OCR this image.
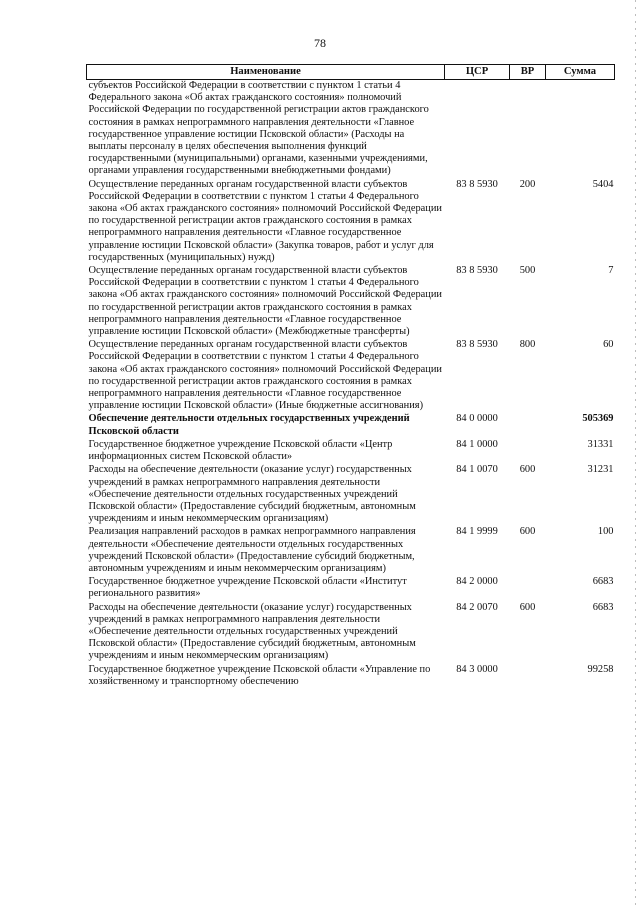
78
Наименование	ЦСР	ВР	Сумма
субъектов Российской Федерации в соответствии с пунктом 1 статьи 4 Федерального закона «Об актах гражданского состояния» полномочий Российской Федерации по государственной регистрации актов гражданского состояния в рамках непрограммного направления деятельности «Главное государственное управление юстиции Псковской области» (Расходы на выплаты персоналу в целях обеспечения выполнения функций государственными (муниципальными) органами, казенными учреждениями, органами управления государственными внебюджетными фондами)			
Осуществление переданных органам государственной власти субъектов Российской Федерации в соответствии с пунктом 1 статьи 4 Федерального закона «Об актах гражданского состояния» полномочий Российской Федерации по государственной регистрации актов гражданского состояния в рамках непрограммного направления деятельности «Главное государственное управление юстиции Псковской области» (Закупка товаров, работ и услуг для государственных (муниципальных) нужд)	83 8 5930	200	5404
Осуществление переданных органам государственной власти субъектов Российской Федерации в соответствии с пунктом 1 статьи 4 Федерального закона «Об актах гражданского состояния» полномочий Российской Федерации по государственной регистрации актов гражданского состояния в рамках непрограммного направления деятельности «Главное государственное управление юстиции Псковской области» (Межбюджетные трансферты)	83 8 5930	500	7
Осуществление переданных органам государственной власти субъектов Российской Федерации в соответствии с пунктом 1 статьи 4 Федерального закона «Об актах гражданского состояния» полномочий Российской Федерации по государственной регистрации актов гражданского состояния в рамках непрограммного направления деятельности «Главное государственное управление юстиции Псковской области» (Иные бюджетные ассигнования)	83 8 5930	800	60
Обеспечение деятельности отдельных государственных учреждений Псковской области	84 0 0000		505369
Государственное бюджетное учреждение Псковской области «Центр информационных систем Псковской области»	84 1 0000		31331
Расходы на обеспечение деятельности (оказание услуг) государственных учреждений в рамках непрограммного направления деятельности «Обеспечение деятельности отдельных государственных учреждений Псковской области» (Предоставление субсидий бюджетным, автономным учреждениям и иным некоммерческим организациям)	84 1 0070	600	31231
Реализация направлений расходов в рамках непрограммного направления деятельности «Обеспечение деятельности отдельных государственных учреждений Псковской области» (Предоставление субсидий бюджетным, автономным учреждениям и иным некоммерческим организациям)	84 1 9999	600	100
Государственное бюджетное учреждение Псковской области «Институт регионального развития»	84 2 0000		6683
Расходы на обеспечение деятельности (оказание услуг) государственных учреждений в рамках непрограммного направления деятельности «Обеспечение деятельности отдельных государственных учреждений Псковской области» (Предоставление субсидий бюджетным, автономным учреждениям и иным некоммерческим организациям)	84 2 0070	600	6683
Государственное бюджетное учреждение Псковской области «Управление по хозяйственному и транспортному обеспечению	84 3 0000		99258
